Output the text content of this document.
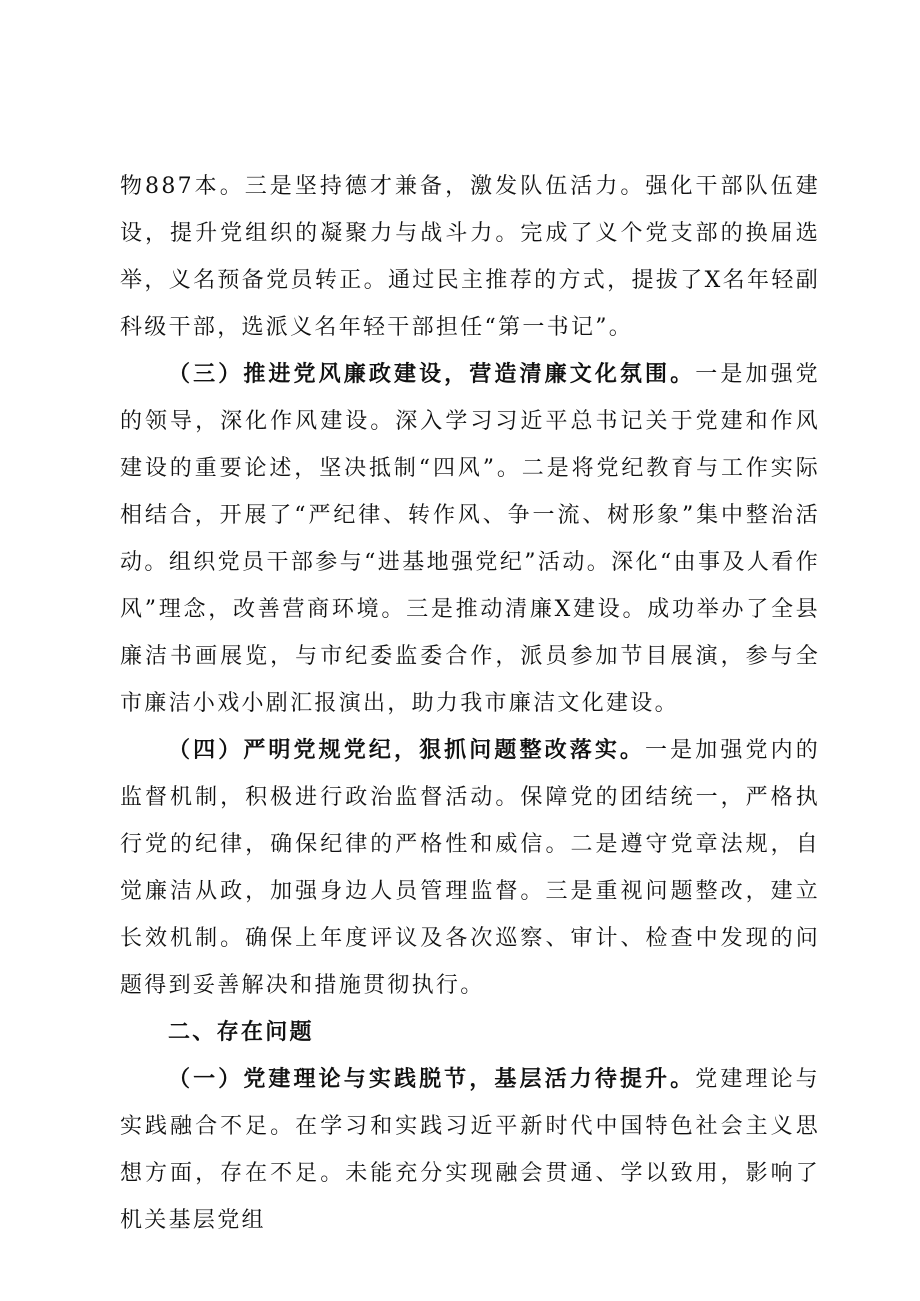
物887本。三是坚持德才兼备，激发队伍活力。强化干部队伍建设，提升党组织的凝聚力与战斗力。完成了义个党支部的换届选举，义名预备党员转正。通过民主推荐的方式，提拔了X名年轻副科级干部，选派义名年轻干部担任“第一书记”。

（三）推进党风廉政建设，营造清廉文化氛围。一是加强党的领导，深化作风建设。深入学习习近平总书记关于党建和作风建设的重要论述，坚决抵制“四风”。二是将党纪教育与工作实际相结合，开展了“严纪律、转作风、争一流、树形象”集中整治活动。组织党员干部参与“进基地强党纪”活动。深化“由事及人看作风”理念，改善营商环境。三是推动清廉X建设。成功举办了全县廉洁书画展览，与市纪委监委合作，派员参加节目展演，参与全市廉洁小戏小剧汇报演出，助力我市廉洁文化建设。

（四）严明党规党纪，狠抓问题整改落实。一是加强党内的监督机制，积极进行政治监督活动。保障党的团结统一，严格执行党的纪律，确保纪律的严格性和威信。二是遵守党章法规，自觉廉洁从政，加强身边人员管理监督。三是重视问题整改，建立长效机制。确保上年度评议及各次巡察、审计、检查中发现的问题得到妥善解决和措施贯彻执行。

二、存在问题

（一）党建理论与实践脱节，基层活力待提升。党建理论与实践融合不足。在学习和实践习近平新时代中国特色社会主义思想方面，存在不足。未能充分实现融会贯通、学以致用，影响了机关基层党组
